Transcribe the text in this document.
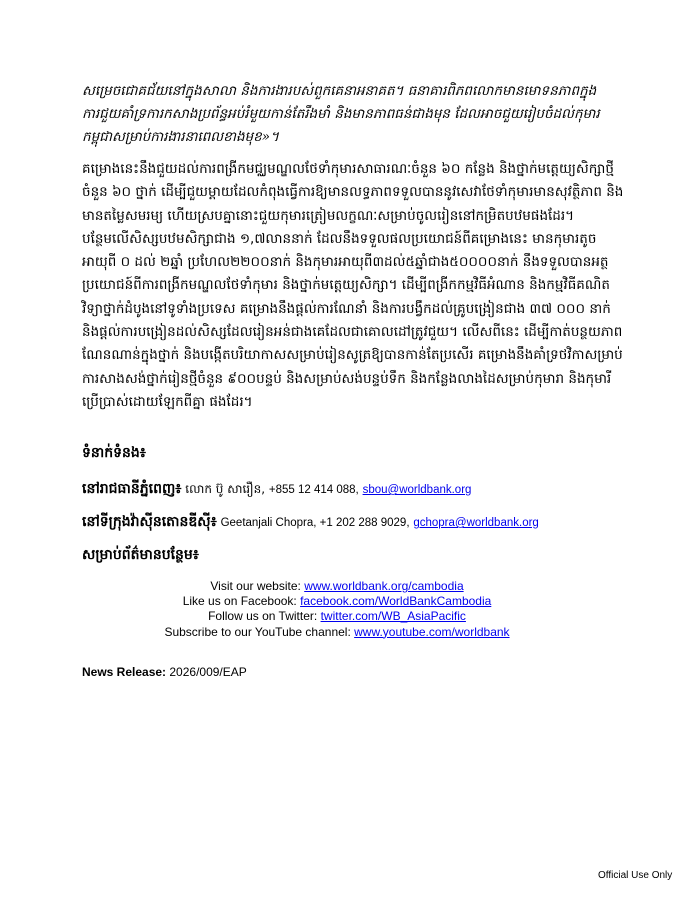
សម្រេចជោគជ័យនៅក្នុងសាលា និងការងារបស់ពួកគេនាអនាគត។ ធនាគារពិភពលោកមានមោទនភាពក្នុងការជួយគាំទ្រការកសាងប្រព័ន្ធអប់រំមួយកាន់តែរឹងមាំ និងមានភាពធន់ជាងមុន ដែលអាចជួយរៀបចំដល់កុមារកម្ពុជាសម្រាប់ការងារនាពេលខាងមុខ»។

គម្រោងនេះនឹងជួយដល់ការពង្រីកមជ្ឈមណ្ឌលថែទាំកុមារសាធារណៈចំនួន ៦០ កន្លែង និងថ្នាក់មត្តេយ្យសិក្សាថ្មីចំនួន ៦០ ថ្នាក់ ដើម្បីជួយម្តាយដែលកំពុងធ្វើការឱ្យមានលទ្ធភាពទទួលបាននូវសេវាថែទាំកុមារមានសុវត្ថិភាព និងមានតម្លៃសមរម្យ ហើយស្របគ្នានោះជួយកុមារត្រៀមលក្ខណៈសម្រាប់ចូលរៀននៅកម្រិតបឋមផងដែរ។ បន្ថែមលើសិស្សបឋមសិក្សាជាង ១,៧លាននាក់ ដែលនឹងទទួលផលប្រយោជន៍ពីគម្រោងនេះ មានកុមារតូចអាយុពី ០ ដល់ ២ឆ្នាំ ប្រហែល២២០០នាក់ និងកុមារអាយុពី៣ដល់៥ឆ្នាំជាង៥០០០០នាក់ នឹងទទួលបានអត្ថប្រយោជន៍ពីការពង្រីកមណ្ឌលថែទាំកុមារ និងថ្នាក់មត្តេយ្យសិក្សា។ ដើម្បីពង្រីកកម្មវិធីអំណាន និងកម្មវិធីគណិតវិទ្យាថ្នាក់ដំបូងនៅទូទាំងប្រទេស គម្រោងនឹងផ្តល់ការណែនាំ និងការបង្វឹកដល់គ្រូបង្រៀនជាង ៣៧ ០០០ នាក់ និងផ្តល់ការបង្រៀនដល់សិស្សដែលរៀនអន់ជាងគេដែលជាគោលដៅត្រូវជួយ។ លើសពីនេះ ដើម្បីកាត់បន្ថយភាពណែនណាន់ក្នុងថ្នាក់ និងបង្កើតបរិយាកាសសម្រាប់រៀនសូត្រឱ្យបានកាន់តែប្រសើរ គម្រោងនឹងគាំទ្រថវិកាសម្រាប់ការសាងសង់ថ្នាក់រៀនថ្មីចំនួន ៩០០បន្ទប់ និងសម្រាប់សង់បន្ទប់ទឹក និងកន្លែងលាងដៃសម្រាប់កុមារា និងកុមារី ប្រើប្រាស់ដោយឡែកពីគ្នា ផងដែរ។

ទំនាក់ទំនង៖

នៅរាជធានីភ្នំពេញ៖ លោក ប៊ូ សារឿន, +855 12 414 088, sbou@worldbank.org

នៅទីក្រុងវ៉ាស៊ីនតោនឌីស៊ី៖ Geetanjali Chopra, +1 202 288 9029, gchopra@worldbank.org

សម្រាប់ព័ត៌មានបន្ថែម៖

Visit our website: www.worldbank.org/cambodia
Like us on Facebook: facebook.com/WorldBankCambodia
Follow us on Twitter: twitter.com/WB_AsiaPacific
Subscribe to our YouTube channel: www.youtube.com/worldbank
News Release: 2026/009/EAP
Official Use Only
